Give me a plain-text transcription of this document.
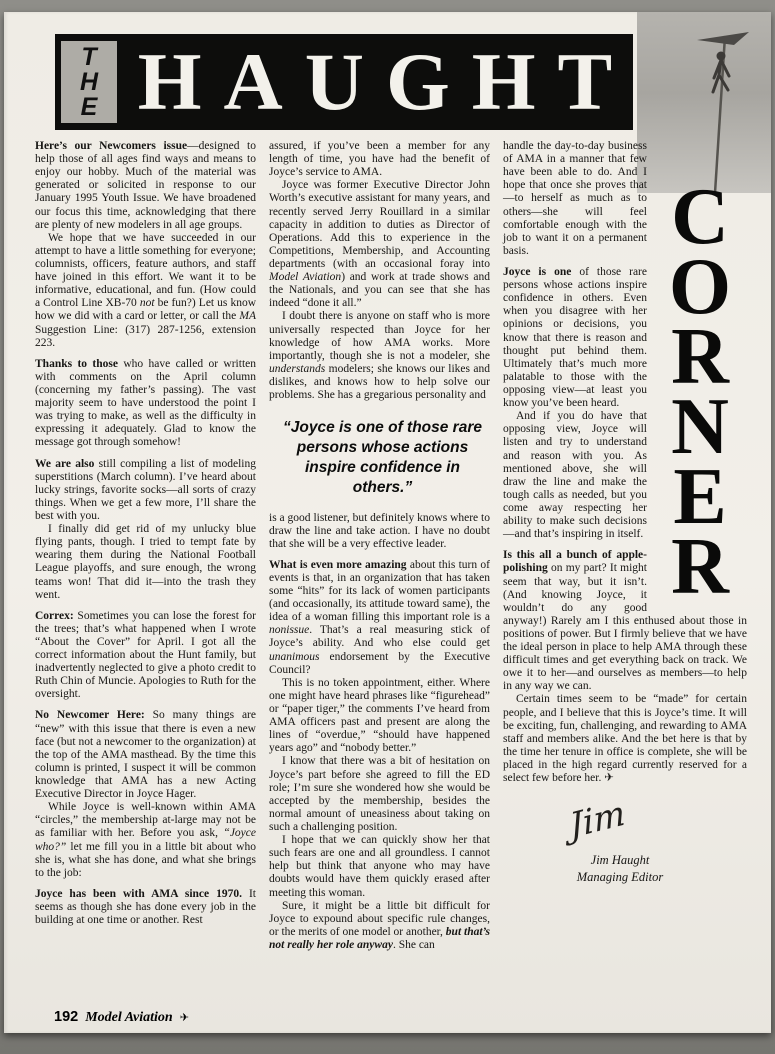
T
H
E HAUGHT

Here’s our Newcomers issue—designed to help those of all ages find ways and means to enjoy our hobby. Much of the material was generated or solicited in response to our January 1995 Youth Issue. We have broadened our focus this time, acknowledging that there are plenty of new modelers in all age groups.

We hope that we have succeeded in our attempt to have a little something for everyone; columnists, officers, feature authors, and staff have joined in this effort. We want it to be informative, educational, and fun. (How could a Control Line XB-70 not be fun?) Let us know how we did with a card or letter, or call the MA Suggestion Line: (317) 287-1256, extension 223.

Thanks to those who have called or written with comments on the April column (concerning my father’s passing). The vast majority seem to have understood the point I was trying to make, as well as the difficulty in expressing it adequately. Glad to know the message got through somehow!

We are also still compiling a list of modeling superstitions (March column). I’ve heard about lucky strings, favorite socks—all sorts of crazy things. When we get a few more, I’ll share the best with you.

I finally did get rid of my unlucky blue flying pants, though. I tried to tempt fate by wearing them during the National Football League playoffs, and sure enough, the wrong teams won! That did it—into the trash they went.

Correx: Sometimes you can lose the forest for the trees; that’s what happened when I wrote “About the Cover” for April. I got all the correct information about the Hunt family, but inadvertently neglected to give a photo credit to Ruth Chin of Muncie. Apologies to Ruth for the oversight.

No Newcomer Here: So many things are “new” with this issue that there is even a new face (but not a newcomer to the organization) at the top of the AMA masthead. By the time this column is printed, I suspect it will be common knowledge that AMA has a new Acting Executive Director in Joyce Hager.

While Joyce is well-known within AMA “circles,” the membership at-large may not be as familiar with her. Before you ask, “Joyce who?” let me fill you in a little bit about who she is, what she has done, and what she brings to the job:

Joyce has been with AMA since 1970. It seems as though she has done every job in the building at one time or another. Rest

assured, if you’ve been a member for any length of time, you have had the benefit of Joyce’s service to AMA.

Joyce was former Executive Director John Worth’s executive assistant for many years, and recently served Jerry Rouillard in a similar capacity in addition to duties as Director of Operations. Add this to experience in the Competitions, Membership, and Accounting departments (with an occasional foray into Model Aviation) and work at trade shows and the Nationals, and you can see that she has indeed “done it all.”

I doubt there is anyone on staff who is more universally respected than Joyce for her knowledge of how AMA works. More importantly, though she is not a modeler, she understands modelers; she knows our likes and dislikes, and knows how to help solve our problems. She has a gregarious personality and

“Joyce is one of those rare persons whose actions inspire confidence in others.”

is a good listener, but definitely knows where to draw the line and take action. I have no doubt that she will be a very effective leader.

What is even more amazing about this turn of events is that, in an organization that has taken some “hits” for its lack of women participants (and occasionally, its attitude toward same), the idea of a woman filling this important role is a nonissue. That’s a real measuring stick of Joyce’s ability. And who else could get unanimous endorsement by the Executive Council?

This is no token appointment, either. Where one might have heard phrases like “figurehead” or “paper tiger,” the comments I’ve heard from AMA officers past and present are along the lines of “overdue,” “should have happened years ago” and “nobody better.”

I know that there was a bit of hesitation on Joyce’s part before she agreed to fill the ED role; I’m sure she wondered how she would be accepted by the membership, besides the normal amount of uneasiness about taking on such a challenging position.

I hope that we can quickly show her that such fears are one and all groundless. I cannot help but think that anyone who may have doubts would have them quickly erased after meeting this woman.

Sure, it might be a little bit difficult for Joyce to expound about specific rule changes, or the merits of one model or another, but that’s not really her role anyway. She can

C
O
R
N
E
R

handle the day-to-day business of AMA in a manner that few have been able to do. And I hope that once she proves that—to herself as much as to others—she will feel comfortable enough with the job to want it on a permanent basis.

Joyce is one of those rare persons whose actions inspire confidence in others. Even when you disagree with her opinions or decisions, you know that there is reason and thought put behind them. Ultimately that’s much more palatable to those with the opposing view—at least you know you’ve been heard.

And if you do have that opposing view, Joyce will listen and try to understand and reason with you. As mentioned above, she will draw the line and make the tough calls as needed, but you come away respecting her ability to make such decisions—and that’s inspiring in itself.

Is this all a bunch of apple-polishing on my part? It might seem that way, but it isn’t. (And knowing Joyce, it wouldn’t do any good anyway!) Rarely am I this enthused about those in positions of power. But I firmly believe that we have the ideal person in place to help AMA through these difficult times and get everything back on track. We owe it to her—and ourselves as members—to help in any way we can.

Certain times seem to be “made” for certain people, and I believe that this is Joyce’s time. It will be exciting, fun, challenging, and rewarding to AMA staff and members alike. And the bet here is that by the time her tenure in office is complete, she will be placed in the high regard currently reserved for a select few before her. ✈

Jim
Jim Haught
Managing Editor
192 Model Aviation ✈
